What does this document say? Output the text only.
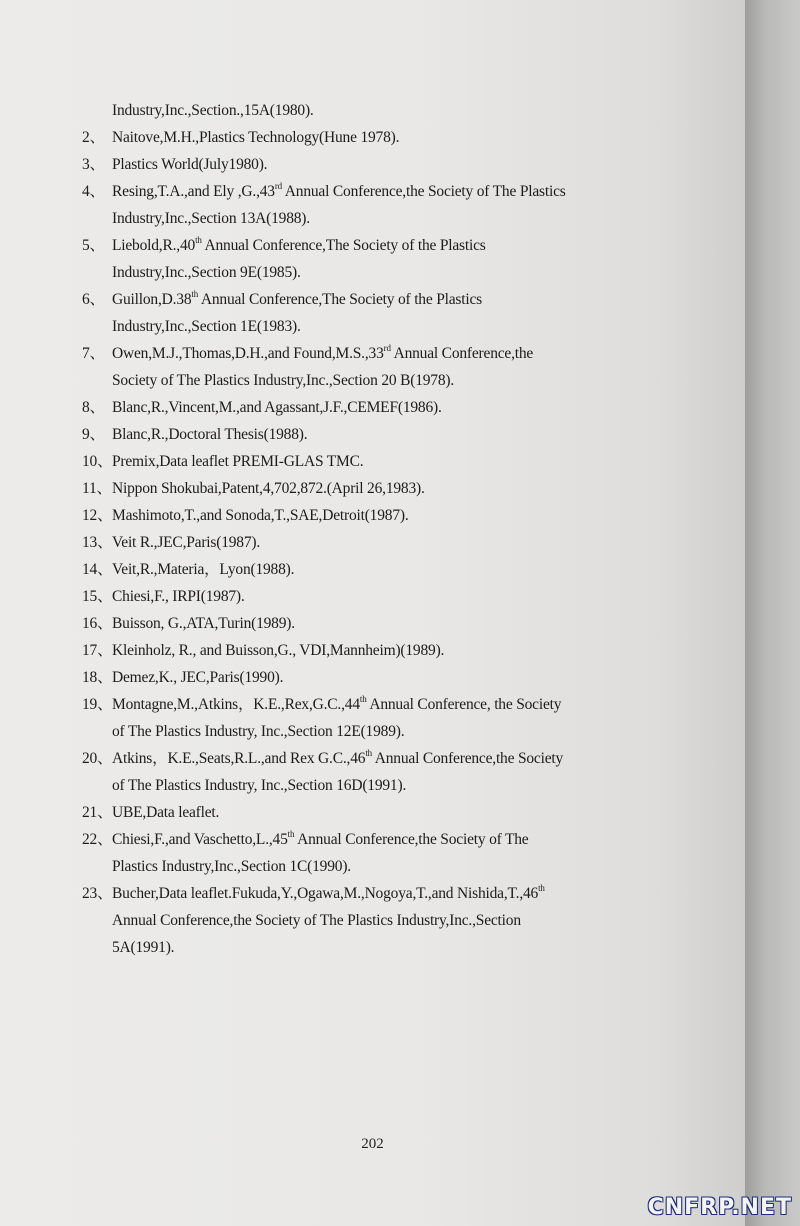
Industry,Inc.,Section.,15A(1980).
2、 Naitove,M.H.,Plastics Technology(Hune 1978).
3、 Plastics World(July1980).
4、 Resing,T.A.,and Ely ,G.,43rd Annual Conference,the Society of The Plastics
Industry,Inc.,Section 13A(1988).
5、 Liebold,R.,40th Annual Conference,The Society of the Plastics
Industry,Inc.,Section 9E(1985).
6、 Guillon,D.38th Annual Conference,The Society of the Plastics
Industry,Inc.,Section 1E(1983).
7、 Owen,M.J.,Thomas,D.H.,and Found,M.S.,33rd Annual Conference,the
Society of The Plastics Industry,Inc.,Section 20 B(1978).
8、 Blanc,R.,Vincent,M.,and Agassant,J.F.,CEMEF(1986).
9、 Blanc,R.,Doctoral Thesis(1988).
10、 Premix,Data leaflet PREMI-GLAS TMC.
11、 Nippon Shokubai,Patent,4,702,872.(April 26,1983).
12、 Mashimoto,T.,and Sonoda,T.,SAE,Detroit(1987).
13、 Veit R.,JEC,Paris(1987).
14、 Veit,R.,Materia，Lyon(1988).
15、 Chiesi,F., IRPI(1987).
16、 Buisson, G.,ATA,Turin(1989).
17、 Kleinholz, R., and Buisson,G., VDI,Mannheim)(1989).
18、 Demez,K., JEC,Paris(1990).
19、 Montagne,M.,Atkins，K.E.,Rex,G.C.,44th Annual Conference, the Society
of The Plastics Industry, Inc.,Section 12E(1989).
20、 Atkins，K.E.,Seats,R.L.,and Rex G.C.,46th Annual Conference,the Society
of The Plastics Industry, Inc.,Section 16D(1991).
21、 UBE,Data leaflet.
22、 Chiesi,F.,and Vaschetto,L.,45th Annual Conference,the Society of The
Plastics Industry,Inc.,Section 1C(1990).
23、 Bucher,Data leaflet.Fukuda,Y.,Ogawa,M.,Nogoya,T.,and Nishida,T.,46th
Annual Conference,the Society of The Plastics Industry,Inc.,Section
5A(1991).
202
CNFRP.NET
